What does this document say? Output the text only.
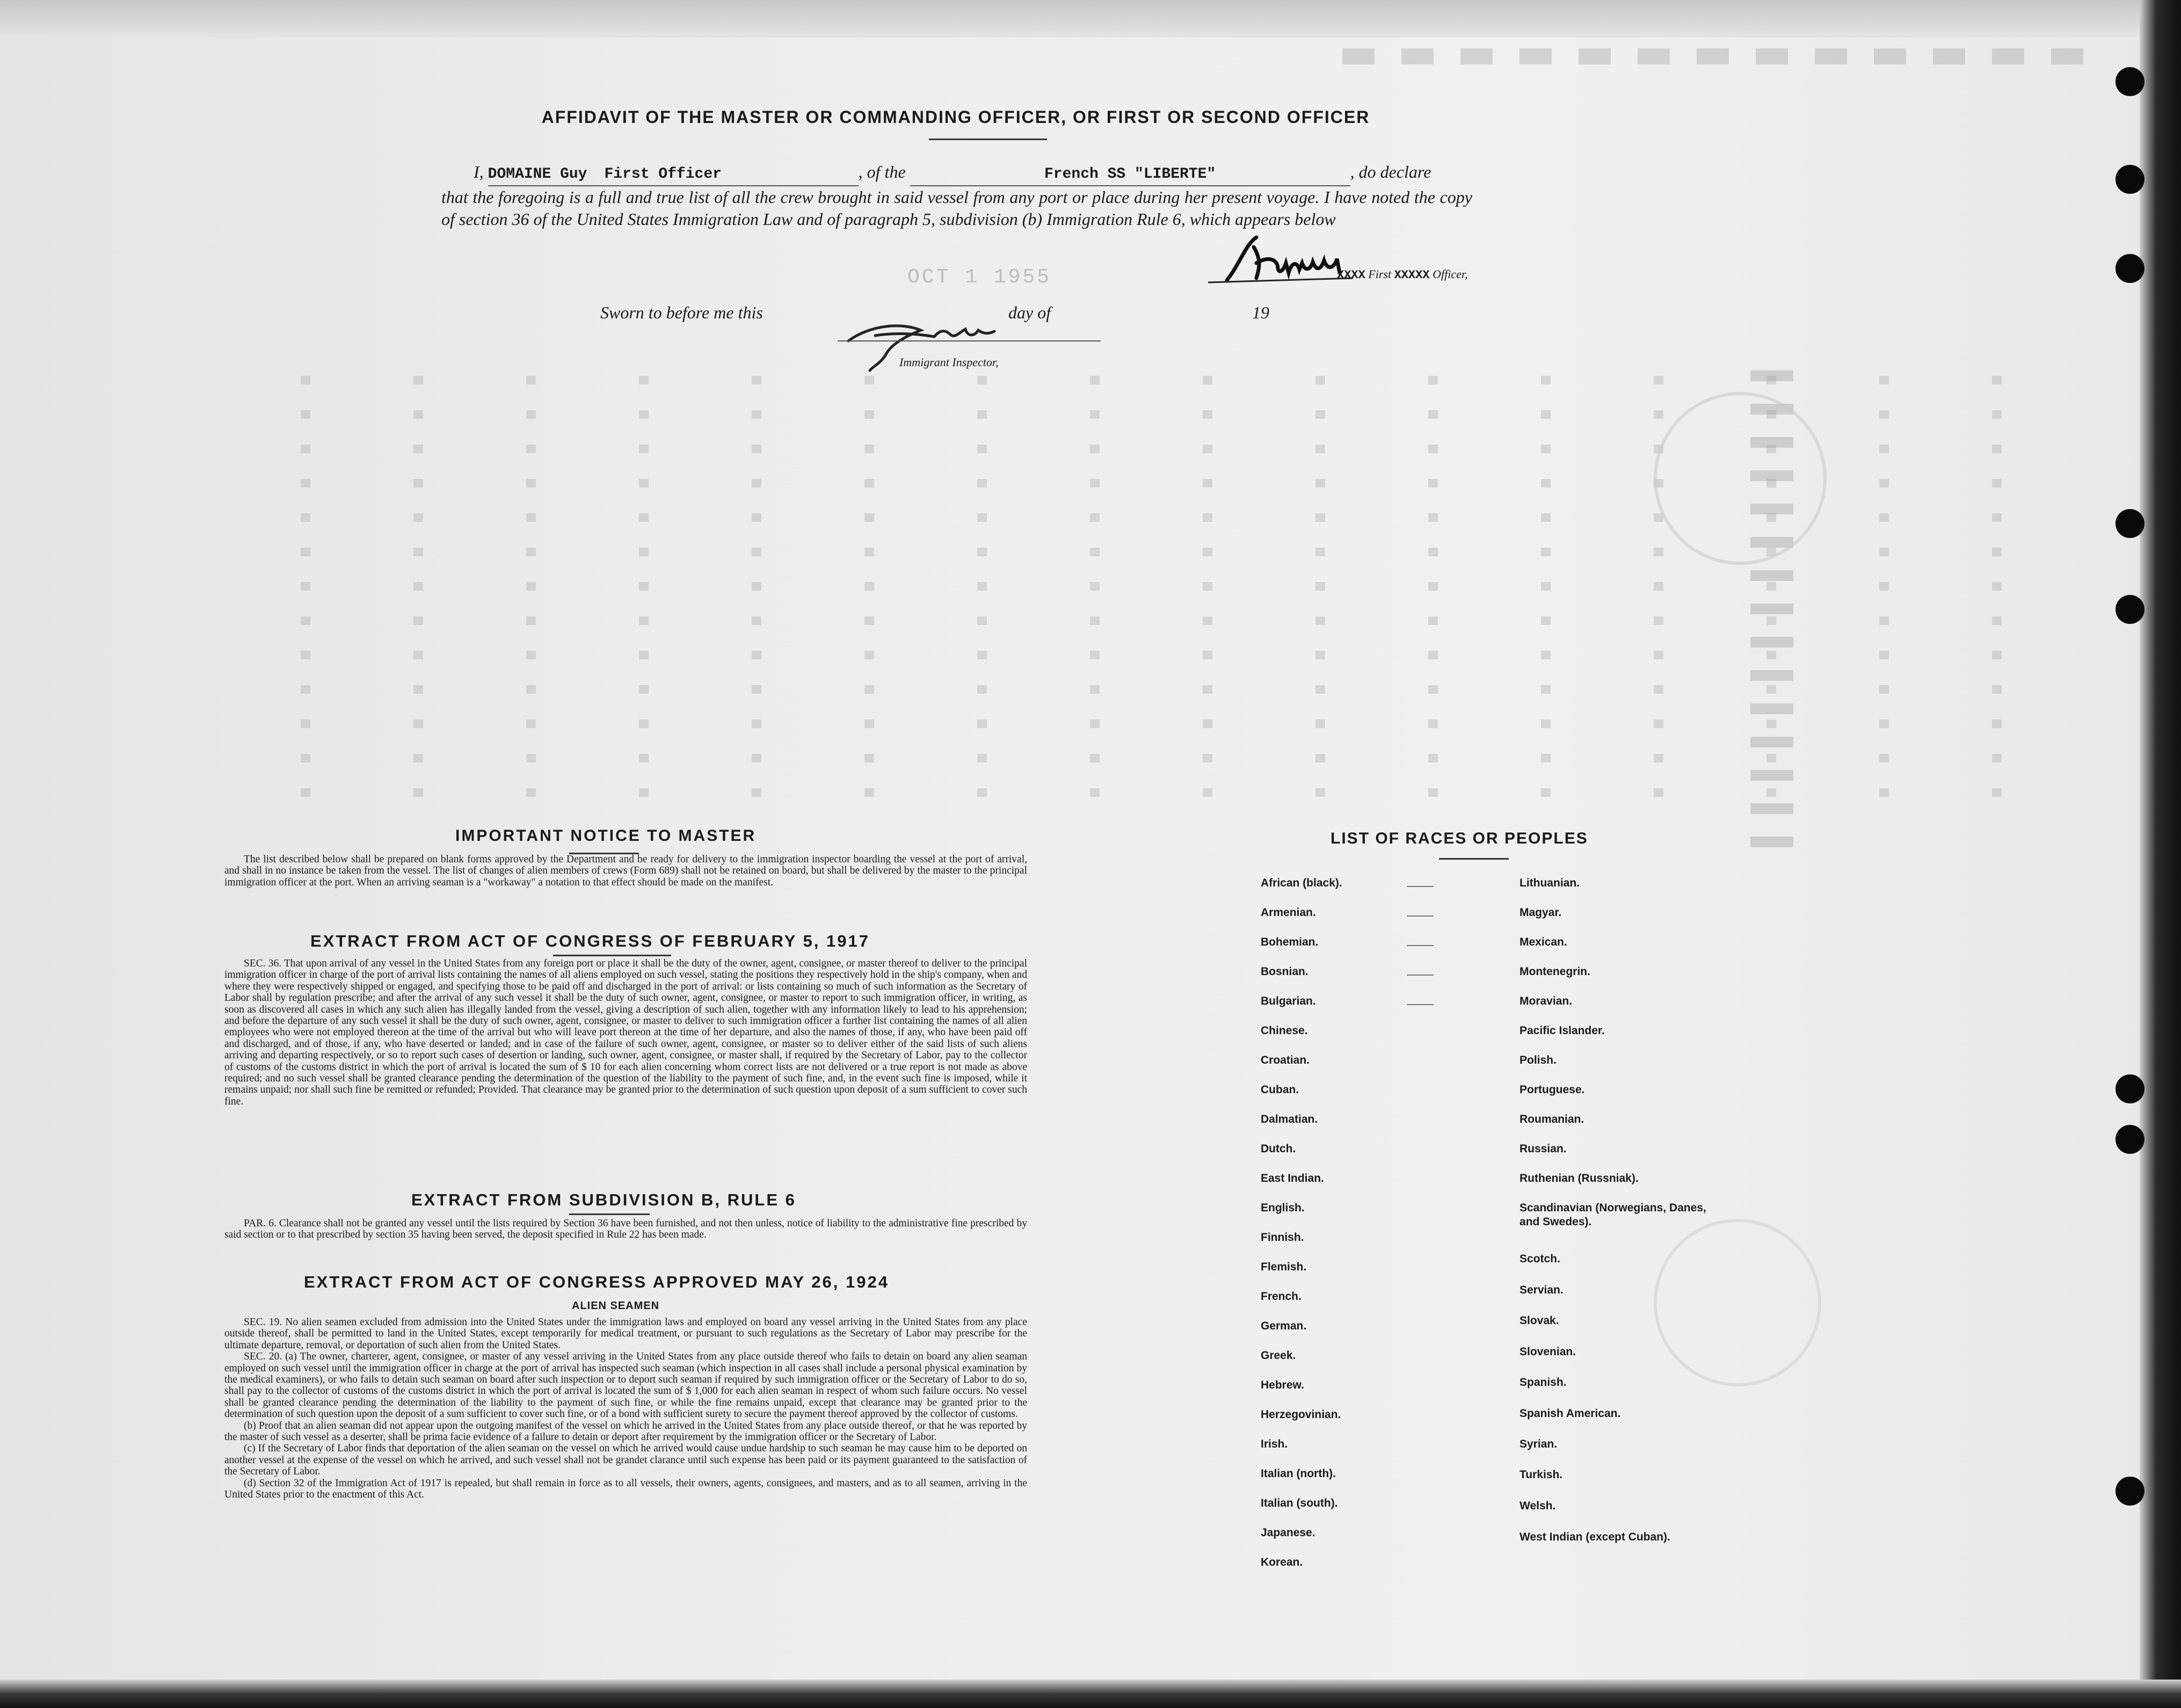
AFFIDAVIT OF THE MASTER OR COMMANDING OFFICER, OR FIRST OR SECOND OFFICER
I, DOMAINE Guy First Officer	, of the	French SS "LIBERTE"	, do declare
that the foregoing is a full and true list of all the crew brought in said vessel from any port or place during her present voyage. I have noted the copy of section 36 of the United States Immigration Law and of paragraph 5, subdivision (b) Immigration Rule 6, which appears below
XXXX First XXXXX Officer,
OCT 1 1955
Sworn to before me this	day of	19
Immigrant Inspector,
IMPORTANT NOTICE TO MASTER

The list described below shall be prepared on blank forms approved by the Department and be ready for delivery to the immigration inspector boarding the vessel at the port of arrival, and shall in no instance be taken from the vessel. The list of changes of alien members of crews (Form 689) shall not be retained on board, but shall be delivered by the master to the principal immigration officer at the port. When an arriving seaman is a "workaway" a notation to that effect should be made on the manifest.

EXTRACT FROM ACT OF CONGRESS OF FEBRUARY 5, 1917

SEC. 36. That upon arrival of any vessel in the United States from any foreign port or place it shall be the duty of the owner, agent, consignee, or master thereof to deliver to the principal immigration officer in charge of the port of arrival lists containing the names of all aliens employed on such vessel, stating the positions they respectively hold in the ship's company, when and where they were respectively shipped or engaged, and specifying those to be paid off and discharged in the port of arrival: or lists containing so much of such information as the Secretary of Labor shall by regulation prescribe; and after the arrival of any such vessel it shall be the duty of such owner, agent, consignee, or master to report to such immigration officer, in writing, as soon as discovered all cases in which any such alien has illegally landed from the vessel, giving a description of such alien, together with any information likely to lead to his apprehension; and before the departure of any such vessel it shall be the duty of such owner, agent, consignee, or master to deliver to such immigration officer a further list containing the names of all alien employees who were not employed thereon at the time of the arrival but who will leave port thereon at the time of her departure, and also the names of those, if any, who have been paid off and discharged, and of those, if any, who have deserted or landed; and in case of the failure of such owner, agent, consignee, or master so to deliver either of the said lists of such aliens arriving and departing respectively, or so to report such cases of desertion or landing, such owner, agent, consignee, or master shall, if required by the Secretary of Labor, pay to the collector of customs of the customs district in which the port of arrival is located the sum of $ 10 for each alien concerning whom correct lists are not delivered or a true report is not made as above required; and no such vessel shall be granted clearance pending the determination of the question of the liability to the payment of such fine, and, in the event such fine is imposed, while it remains unpaid; nor shall such fine be remitted or refunded; Provided. That clearance may be granted prior to the determination of such question upon deposit of a sum sufficient to cover such fine.

EXTRACT FROM SUBDIVISION B, RULE 6

PAR. 6. Clearance shall not be granted any vessel until the lists required by Section 36 have been furnished, and not then unless, notice of liability to the administrative fine prescribed by said section or to that prescribed by section 35 having been served, the deposit specified in Rule 22 has been made.

EXTRACT FROM ACT OF CONGRESS APPROVED MAY 26, 1924
ALIEN SEAMEN

SEC. 19. No alien seamen excluded from admission into the United States under the immigration laws and employed on board any vessel arriving in the United States from any place outside thereof, shall be permitted to land in the United States, except temporarily for medical treatment, or pursuant to such regulations as the Secretary of Labor may prescribe for the ultimate departure, removal, or deportation of such alien from the United States.

SEC. 20. (a) The owner, charterer, agent, consignee, or master of any vessel arriving in the United States from any place outside thereof who fails to detain on board any alien seaman employed on such vessel until the immigration officer in charge at the port of arrival has inspected such seaman (which inspection in all cases shall include a personal physical examination by the medical examiners), or who fails to detain such seaman on board after such inspection or to deport such seaman if required by such immigration officer or the Secretary of Labor to do so, shall pay to the collector of customs of the customs district in which the port of arrival is located the sum of $ 1,000 for each alien seaman in respect of whom such failure occurs. No vessel shall be granted clearance pending the determination of the liability to the payment of such fine, or while the fine remains unpaid, except that clearance may be granted prior to the determination of such question upon the deposit of a sum sufficient to cover such fine, or of a bond with sufficient surety to secure the payment thereof approved by the collector of customs.

(b) Proof that an alien seaman did not appear upon the outgoing manifest of the vessel on which he arrived in the United States from any place outside thereof, or that he was reported by the master of such vessel as a deserter, shall be prima facie evidence of a failure to detain or deport after requirement by the immigration officer or the Secretary of Labor.

(c) If the Secretary of Labor finds that deportation of the alien seaman on the vessel on which he arrived would cause undue hardship to such seaman he may cause him to be deported on another vessel at the expense of the vessel on which he arrived, and such vessel shall not be grandet clarance until such expense has been paid or its payment guaranteed to the satisfaction of the Secretary of Labor.

(d) Section 32 of the Immigration Act of 1917 is repealed, but shall remain in force as to all vessels, their owners, agents, consignees, and masters, and as to all seamen, arriving in the United States prior to the enactment of this Act.

LIST OF RACES OR PEOPLES
African (black).
Armenian.
Bohemian.
Bosnian.
Bulgarian.
Chinese.
Croatian.
Cuban.
Dalmatian.
Dutch.
East Indian.
English.
Finnish.
Flemish.
French.
German.
Greek.
Hebrew.
Herzegovinian.
Irish.
Italian (north).
Italian (south).
Japanese.
Korean.
Lithuanian.
Magyar.
Mexican.
Montenegrin.
Moravian.
Pacific Islander.
Polish.
Portuguese.
Roumanian.
Russian.
Ruthenian (Russniak).
Scandinavian (Norwegians, Danes, and Swedes).
Scotch.
Servian.
Slovak.
Slovenian.
Spanish.
Spanish American.
Syrian.
Turkish.
Welsh.
West Indian (except Cuban).
